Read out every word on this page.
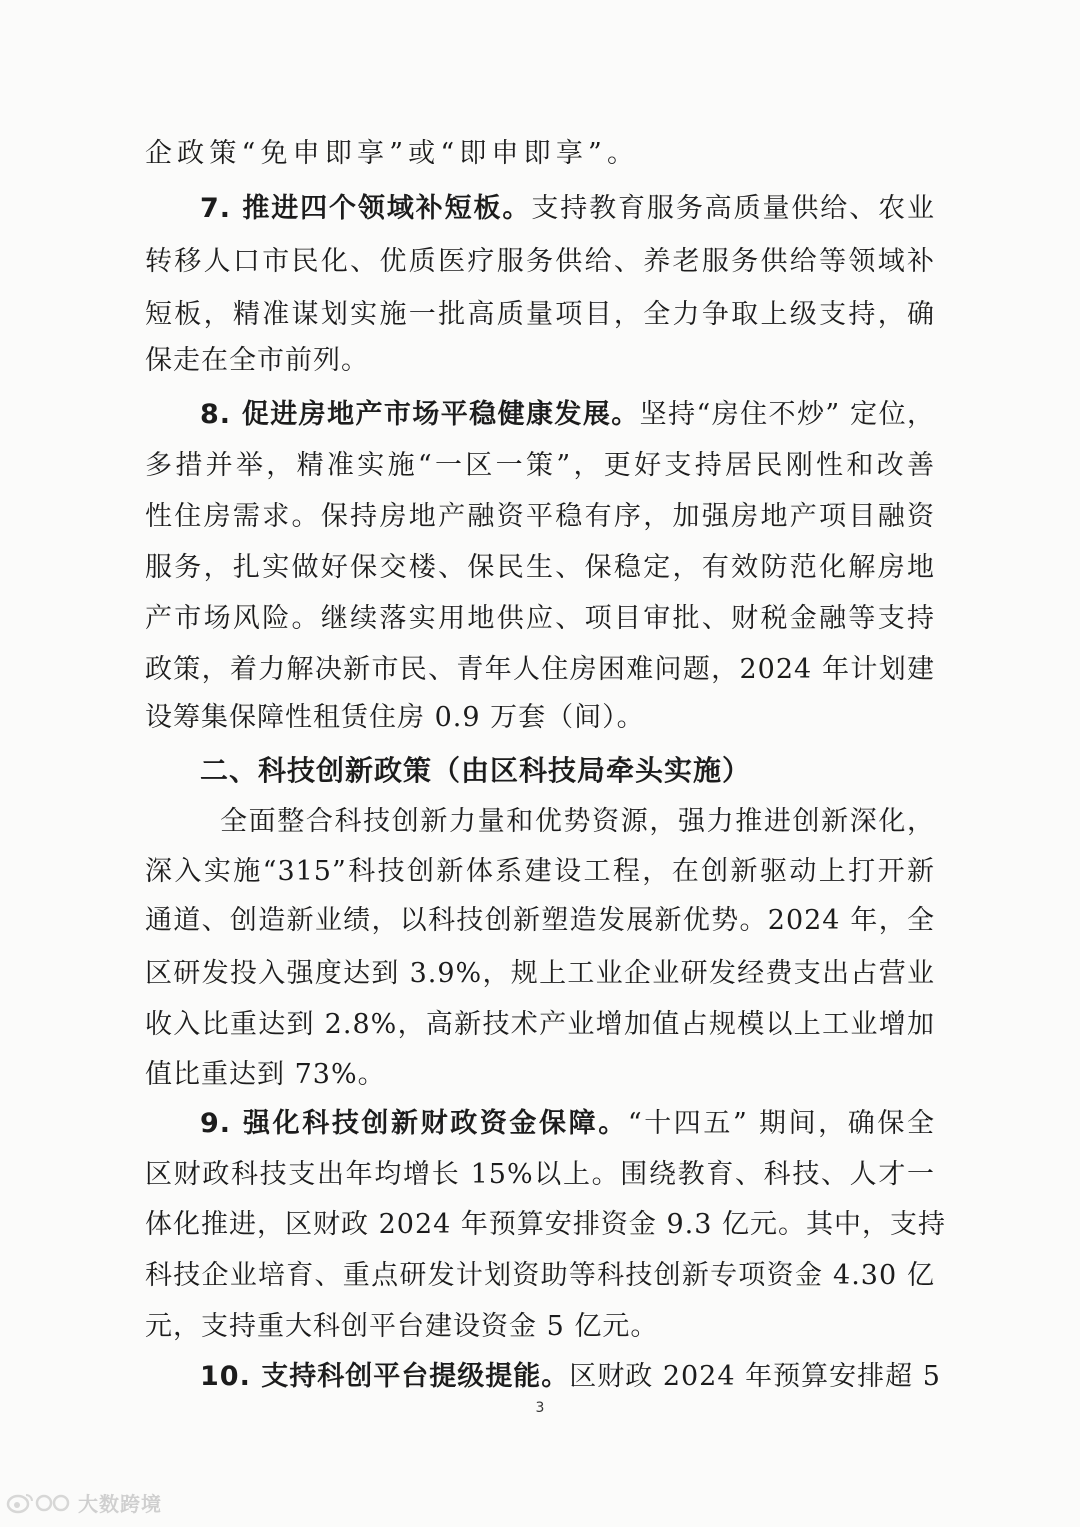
企政策“免申即享”或“即申即享”。
7. 推进四个领域补短板。支持教育服务高质量供给、农业
转移人口市民化、优质医疗服务供给、养老服务供给等领域补
短板，精准谋划实施一批高质量项目，全力争取上级支持，确
保走在全市前列。
8. 促进房地产市场平稳健康发展。坚持“房住不炒” 定位，
多措并举，精准实施“一区一策”，更好支持居民刚性和改善
性住房需求。保持房地产融资平稳有序，加强房地产项目融资
服务，扎实做好保交楼、保民生、保稳定，有效防范化解房地
产市场风险。继续落实用地供应、项目审批、财税金融等支持
政策，着力解决新市民、青年人住房困难问题，2024 年计划建
设筹集保障性租赁住房 0.9 万套（间）。
二、科技创新政策（由区科技局牵头实施）
全面整合科技创新力量和优势资源，强力推进创新深化，
深入实施“315”科技创新体系建设工程，在创新驱动上打开新
通道、创造新业绩，以科技创新塑造发展新优势。2024 年，全
区研发投入强度达到 3.9%，规上工业企业研发经费支出占营业
收入比重达到 2.8%，高新技术产业增加值占规模以上工业增加
值比重达到 73%。
9. 强化科技创新财政资金保障。“十四五” 期间，确保全
区财政科技支出年均增长 15%以上。围绕教育、科技、人才一
体化推进，区财政 2024 年预算安排资金 9.3 亿元。其中，支持
科技企业培育、重点研发计划资助等科技创新专项资金 4.30 亿
元，支持重大科创平台建设资金 5 亿元。
10. 支持科创平台提级提能。区财政 2024 年预算安排超 5
3
大数跨境
